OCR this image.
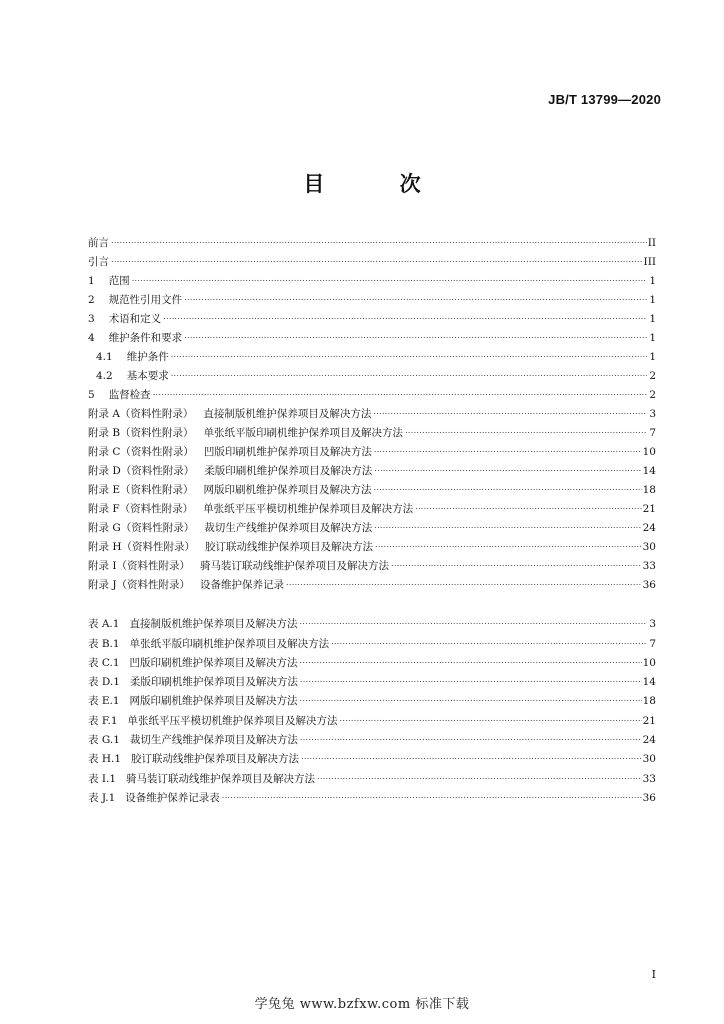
JB/T 13799—2020
目 次
前言 .....	II
引言 .....	III
1 范围 .....	1
2 规范性引用文件 .....	1
3 术语和定义 .....	1
4 维护条件和要求 .....	1
4.1 维护条件 .....	1
4.2 基本要求 .....	2
5 监督检查 .....	2
附录 A（资料性附录） 直接制版机维护保养项目及解决方法 .....	3
附录 B（资料性附录） 单张纸平版印刷机维护保养项目及解决方法 .....	7
附录 C（资料性附录） 凹版印刷机维护保养项目及解决方法 .....	10
附录 D（资料性附录） 柔版印刷机维护保养项目及解决方法 .....	14
附录 E（资料性附录） 网版印刷机维护保养项目及解决方法 .....	18
附录 F（资料性附录） 单张纸平压平模切机维护保养项目及解决方法 .....	21
附录 G（资料性附录） 裁切生产线维护保养项目及解决方法 .....	24
附录 H（资料性附录） 胶订联动线维护保养项目及解决方法 .....	30
附录 I（资料性附录） 骑马装订联动线维护保养项目及解决方法 .....	33
附录 J（资料性附录） 设备维护保养记录 .....	36
表 A.1 直接制版机维护保养项目及解决方法 .....	3
表 B.1 单张纸平版印刷机维护保养项目及解决方法 .....	7
表 C.1 凹版印刷机维护保养项目及解决方法 .....	10
表 D.1 柔版印刷机维护保养项目及解决方法 .....	14
表 E.1 网版印刷机维护保养项目及解决方法 .....	18
表 F.1 单张纸平压平模切机维护保养项目及解决方法 .....	21
表 G.1 裁切生产线维护保养项目及解决方法 .....	24
表 H.1 胶订联动线维护保养项目及解决方法 .....	30
表 I.1 骑马装订联动线维护保养项目及解决方法 .....	33
表 J.1 设备维护保养记录表 .....	36
I
学兔兔 www.bzfxw.com 标准下载
